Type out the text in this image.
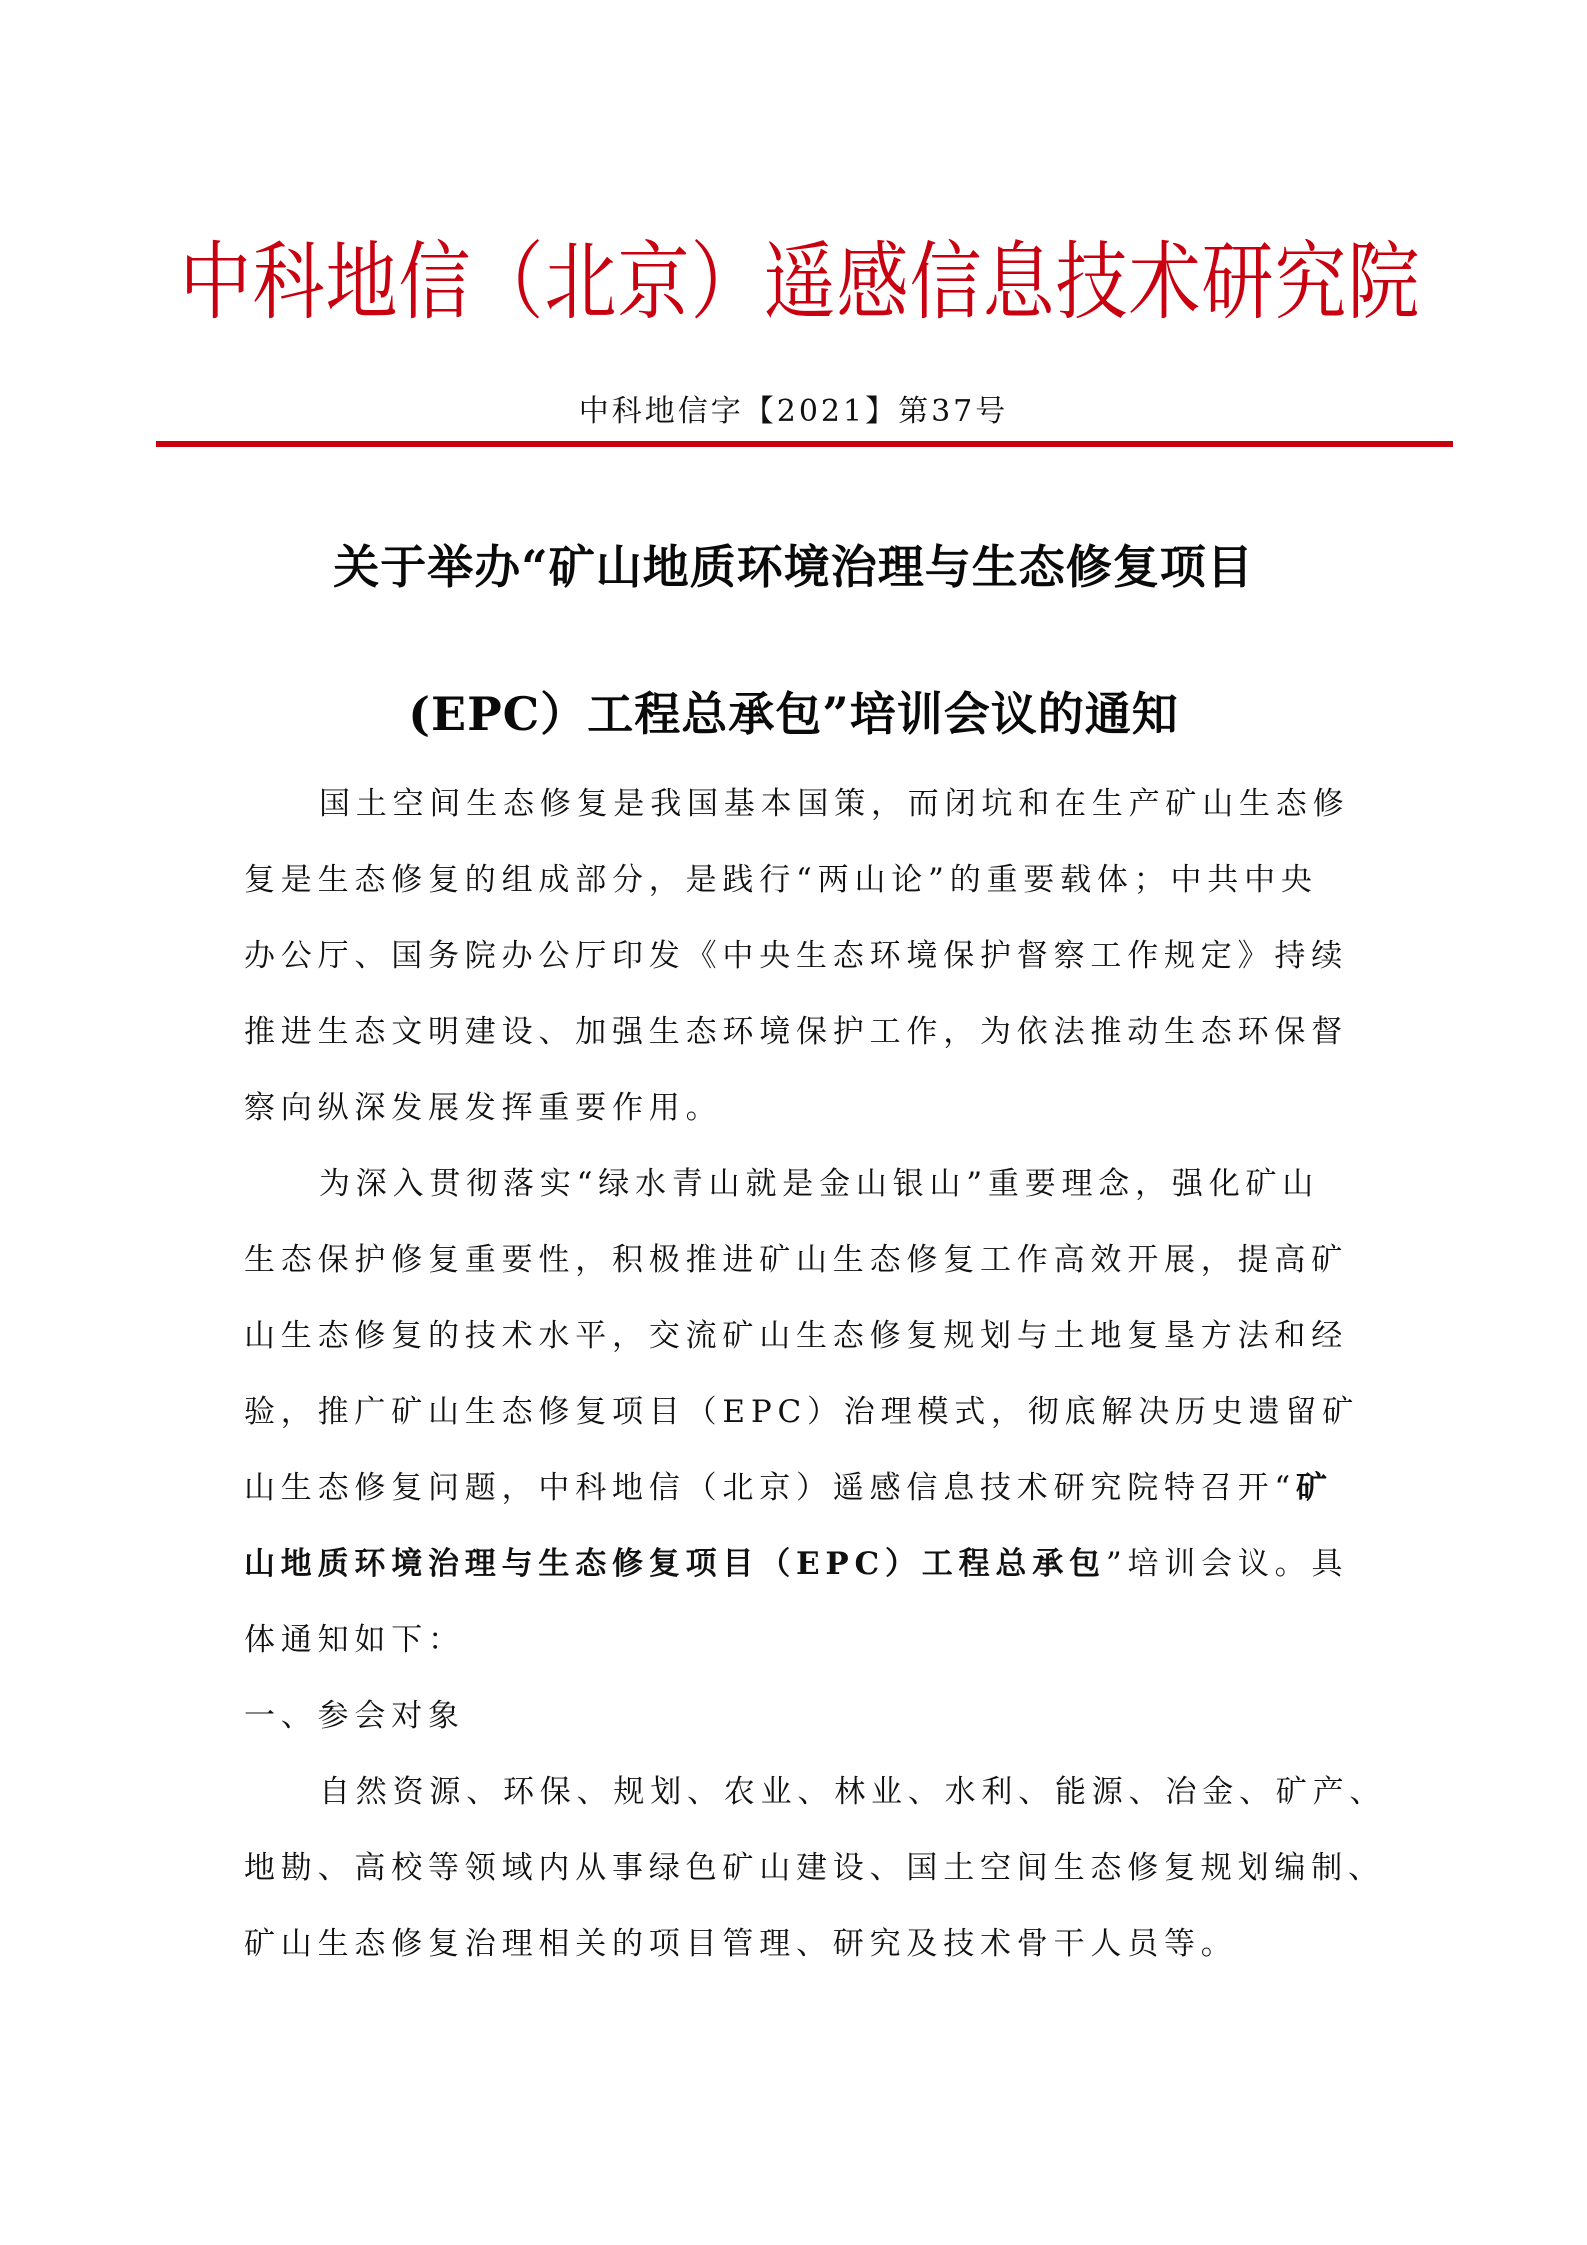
中科地信（北京）遥感信息技术研究院
中科地信字【2021】第37号
关于举办“矿山地质环境治理与生态修复项目
(EPC）工程总承包”培训会议的通知
国土空间生态修复是我国基本国策，而闭坑和在生产矿山生态修
复是生态修复的组成部分，是践行“两山论”的重要载体；中共中央
办公厅、国务院办公厅印发《中央生态环境保护督察工作规定》持续
推进生态文明建设、加强生态环境保护工作，为依法推动生态环保督
察向纵深发展发挥重要作用。
为深入贯彻落实“绿水青山就是金山银山”重要理念，强化矿山
生态保护修复重要性，积极推进矿山生态修复工作高效开展，提高矿
山生态修复的技术水平，交流矿山生态修复规划与土地复垦方法和经
验，推广矿山生态修复项目（EPC）治理模式，彻底解决历史遗留矿
山生态修复问题，中科地信（北京）遥感信息技术研究院特召开“矿
山地质环境治理与生态修复项目（EPC）工程总承包”培训会议。具
体通知如下：
一、参会对象
自然资源、环保、规划、农业、林业、水利、能源、冶金、矿产、
地勘、高校等领域内从事绿色矿山建设、国土空间生态修复规划编制、
矿山生态修复治理相关的项目管理、研究及技术骨干人员等。
